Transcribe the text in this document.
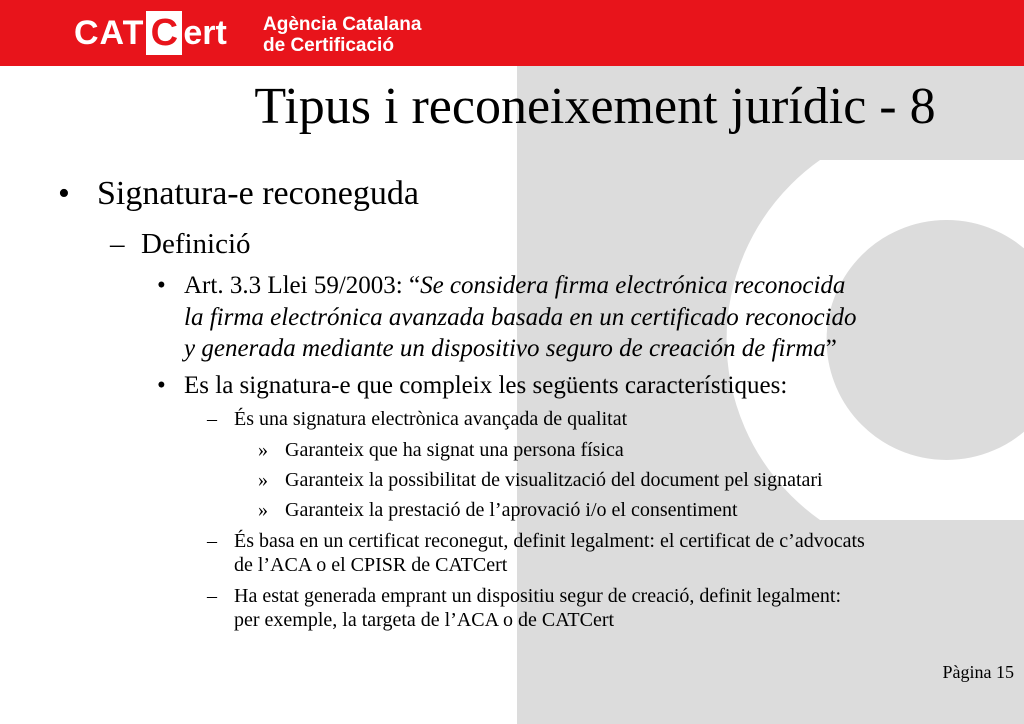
CAT C ert Agència Catalana
de Certificació
Tipus i reconeixement jurídic - 8
• Signatura-e reconeguda
– Definició
• Art. 3.3 Llei 59/2003: “Se considera firma electrónica reconocida
la firma electrónica avanzada basada en un certificado reconocido
y generada mediante un dispositivo seguro de creación de firma”
• Es la signatura-e que compleix les següents característiques:
– És una signatura electrònica avançada de qualitat
» Garanteix que ha signat una persona física
» Garanteix la possibilitat de visualització del document pel signatari
» Garanteix la prestació de l’aprovació i/o el consentiment
– És basa en un certificat reconegut, definit legalment: el certificat de c’advocats
de l’ACA o el CPISR de CATCert
– Ha estat generada emprant un dispositiu segur de creació, definit legalment:
per exemple, la targeta de l’ACA o de CATCert
Pàgina 15
